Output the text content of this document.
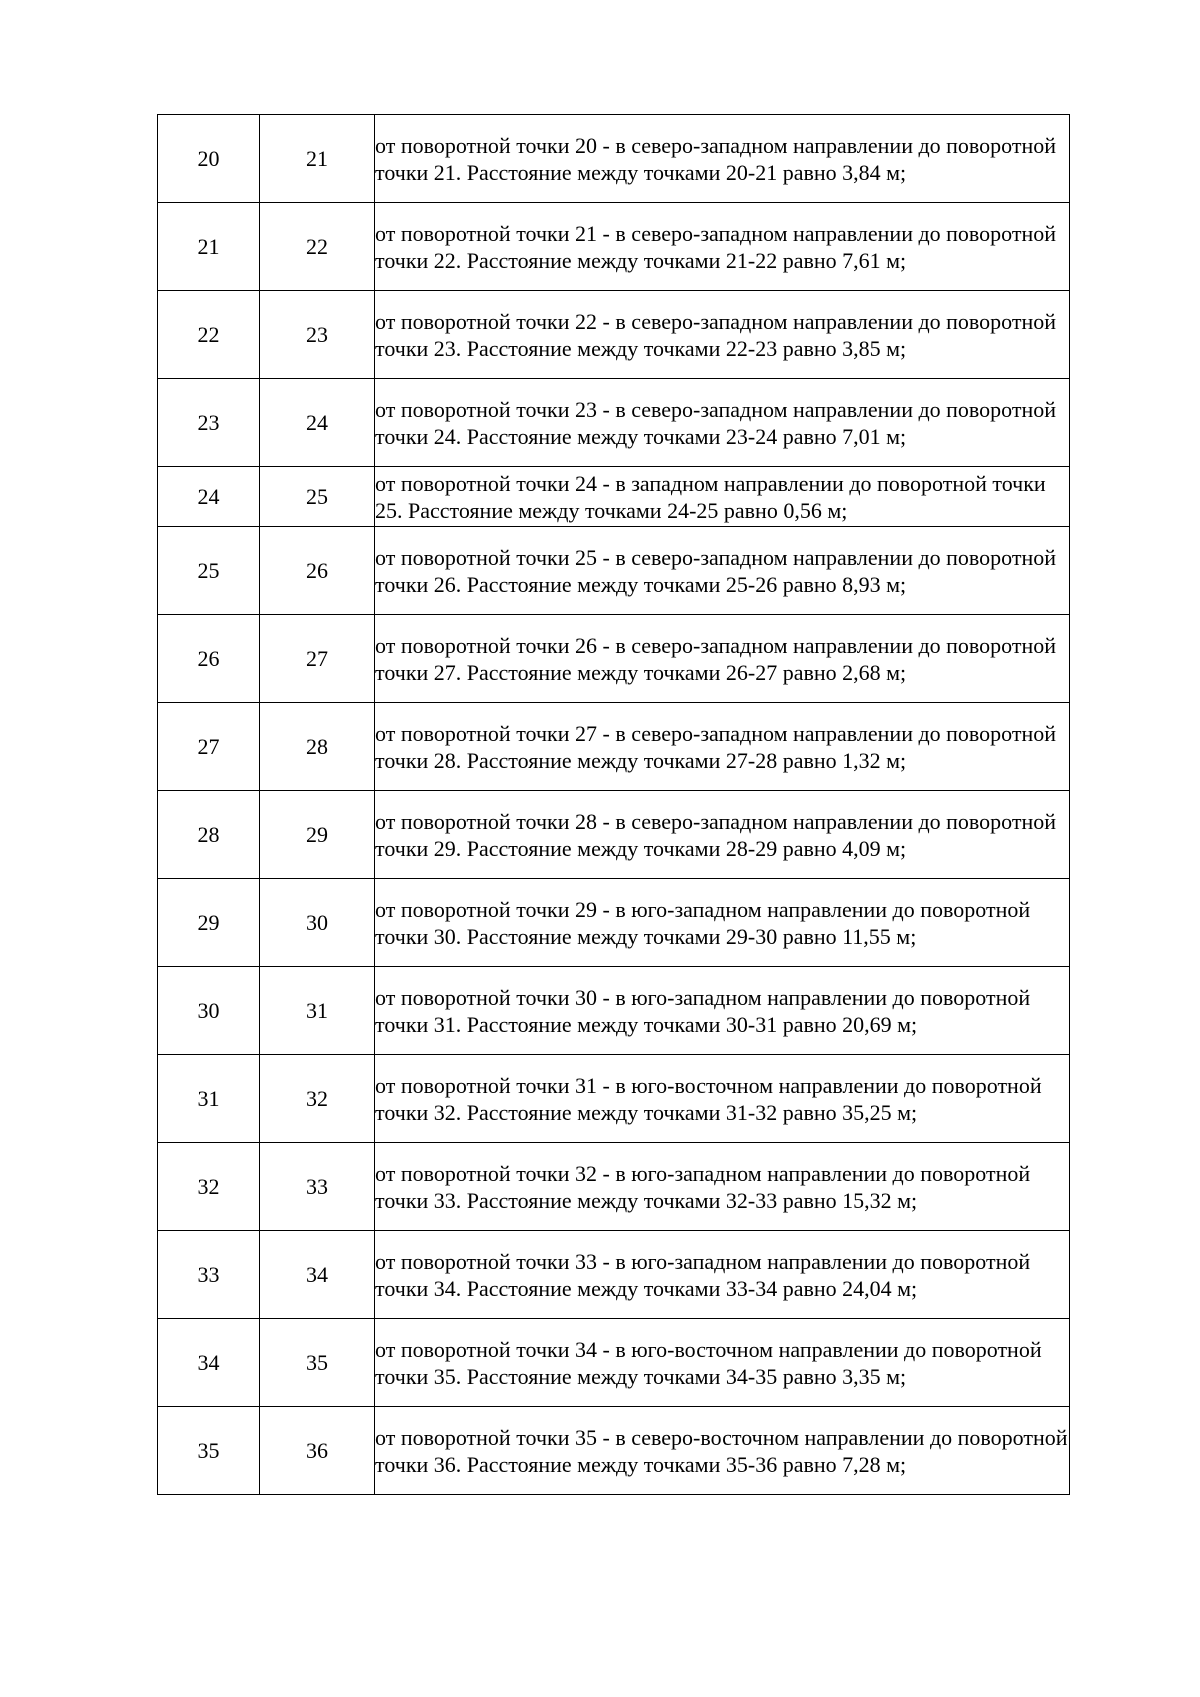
20	21	от поворотной точки 20 - в северо-западном направлении до поворотной точки 21. Расстояние между точками 20-21 равно 3,84 м;

21	22	от поворотной точки 21 - в северо-западном направлении до поворотной точки 22. Расстояние между точками 21-22 равно 7,61 м;

22	23	от поворотной точки 22 - в северо-западном направлении до поворотной точки 23. Расстояние между точками 22-23 равно 3,85 м;

23	24	от поворотной точки 23 - в северо-западном направлении до поворотной точки 24. Расстояние между точками 23-24 равно 7,01 м;

24	25	от поворотной точки 24 - в западном направлении до поворотной точки 25. Расстояние между точками 24-25 равно 0,56 м;

25	26	от поворотной точки 25 - в северо-западном направлении до поворотной точки 26. Расстояние между точками 25-26 равно 8,93 м;

26	27	от поворотной точки 26 - в северо-западном направлении до поворотной точки 27. Расстояние между точками 26-27 равно 2,68 м;

27	28	от поворотной точки 27 - в северо-западном направлении до поворотной точки 28. Расстояние между точками 27-28 равно 1,32 м;

28	29	от поворотной точки 28 - в северо-западном направлении до поворотной точки 29. Расстояние между точками 28-29 равно 4,09 м;

29	30	от поворотной точки 29 - в юго-западном направлении до поворотной точки 30. Расстояние между точками 29-30 равно 11,55 м;

30	31	от поворотной точки 30 - в юго-западном направлении до поворотной точки 31. Расстояние между точками 30-31 равно 20,69 м;

31	32	от поворотной точки 31 - в юго-восточном направлении до поворотной точки 32. Расстояние между точками 31-32 равно 35,25 м;

32	33	от поворотной точки 32 - в юго-западном направлении до поворотной точки 33. Расстояние между точками 32-33 равно 15,32 м;

33	34	от поворотной точки 33 - в юго-западном направлении до поворотной точки 34. Расстояние между точками 33-34 равно 24,04 м;

34	35	от поворотной точки 34 - в юго-восточном направлении до поворотной точки 35. Расстояние между точками 34-35 равно 3,35 м;

35	36	от поворотной точки 35 - в северо-восточном направлении до поворотной точки 36. Расстояние между точками 35-36 равно 7,28 м;
